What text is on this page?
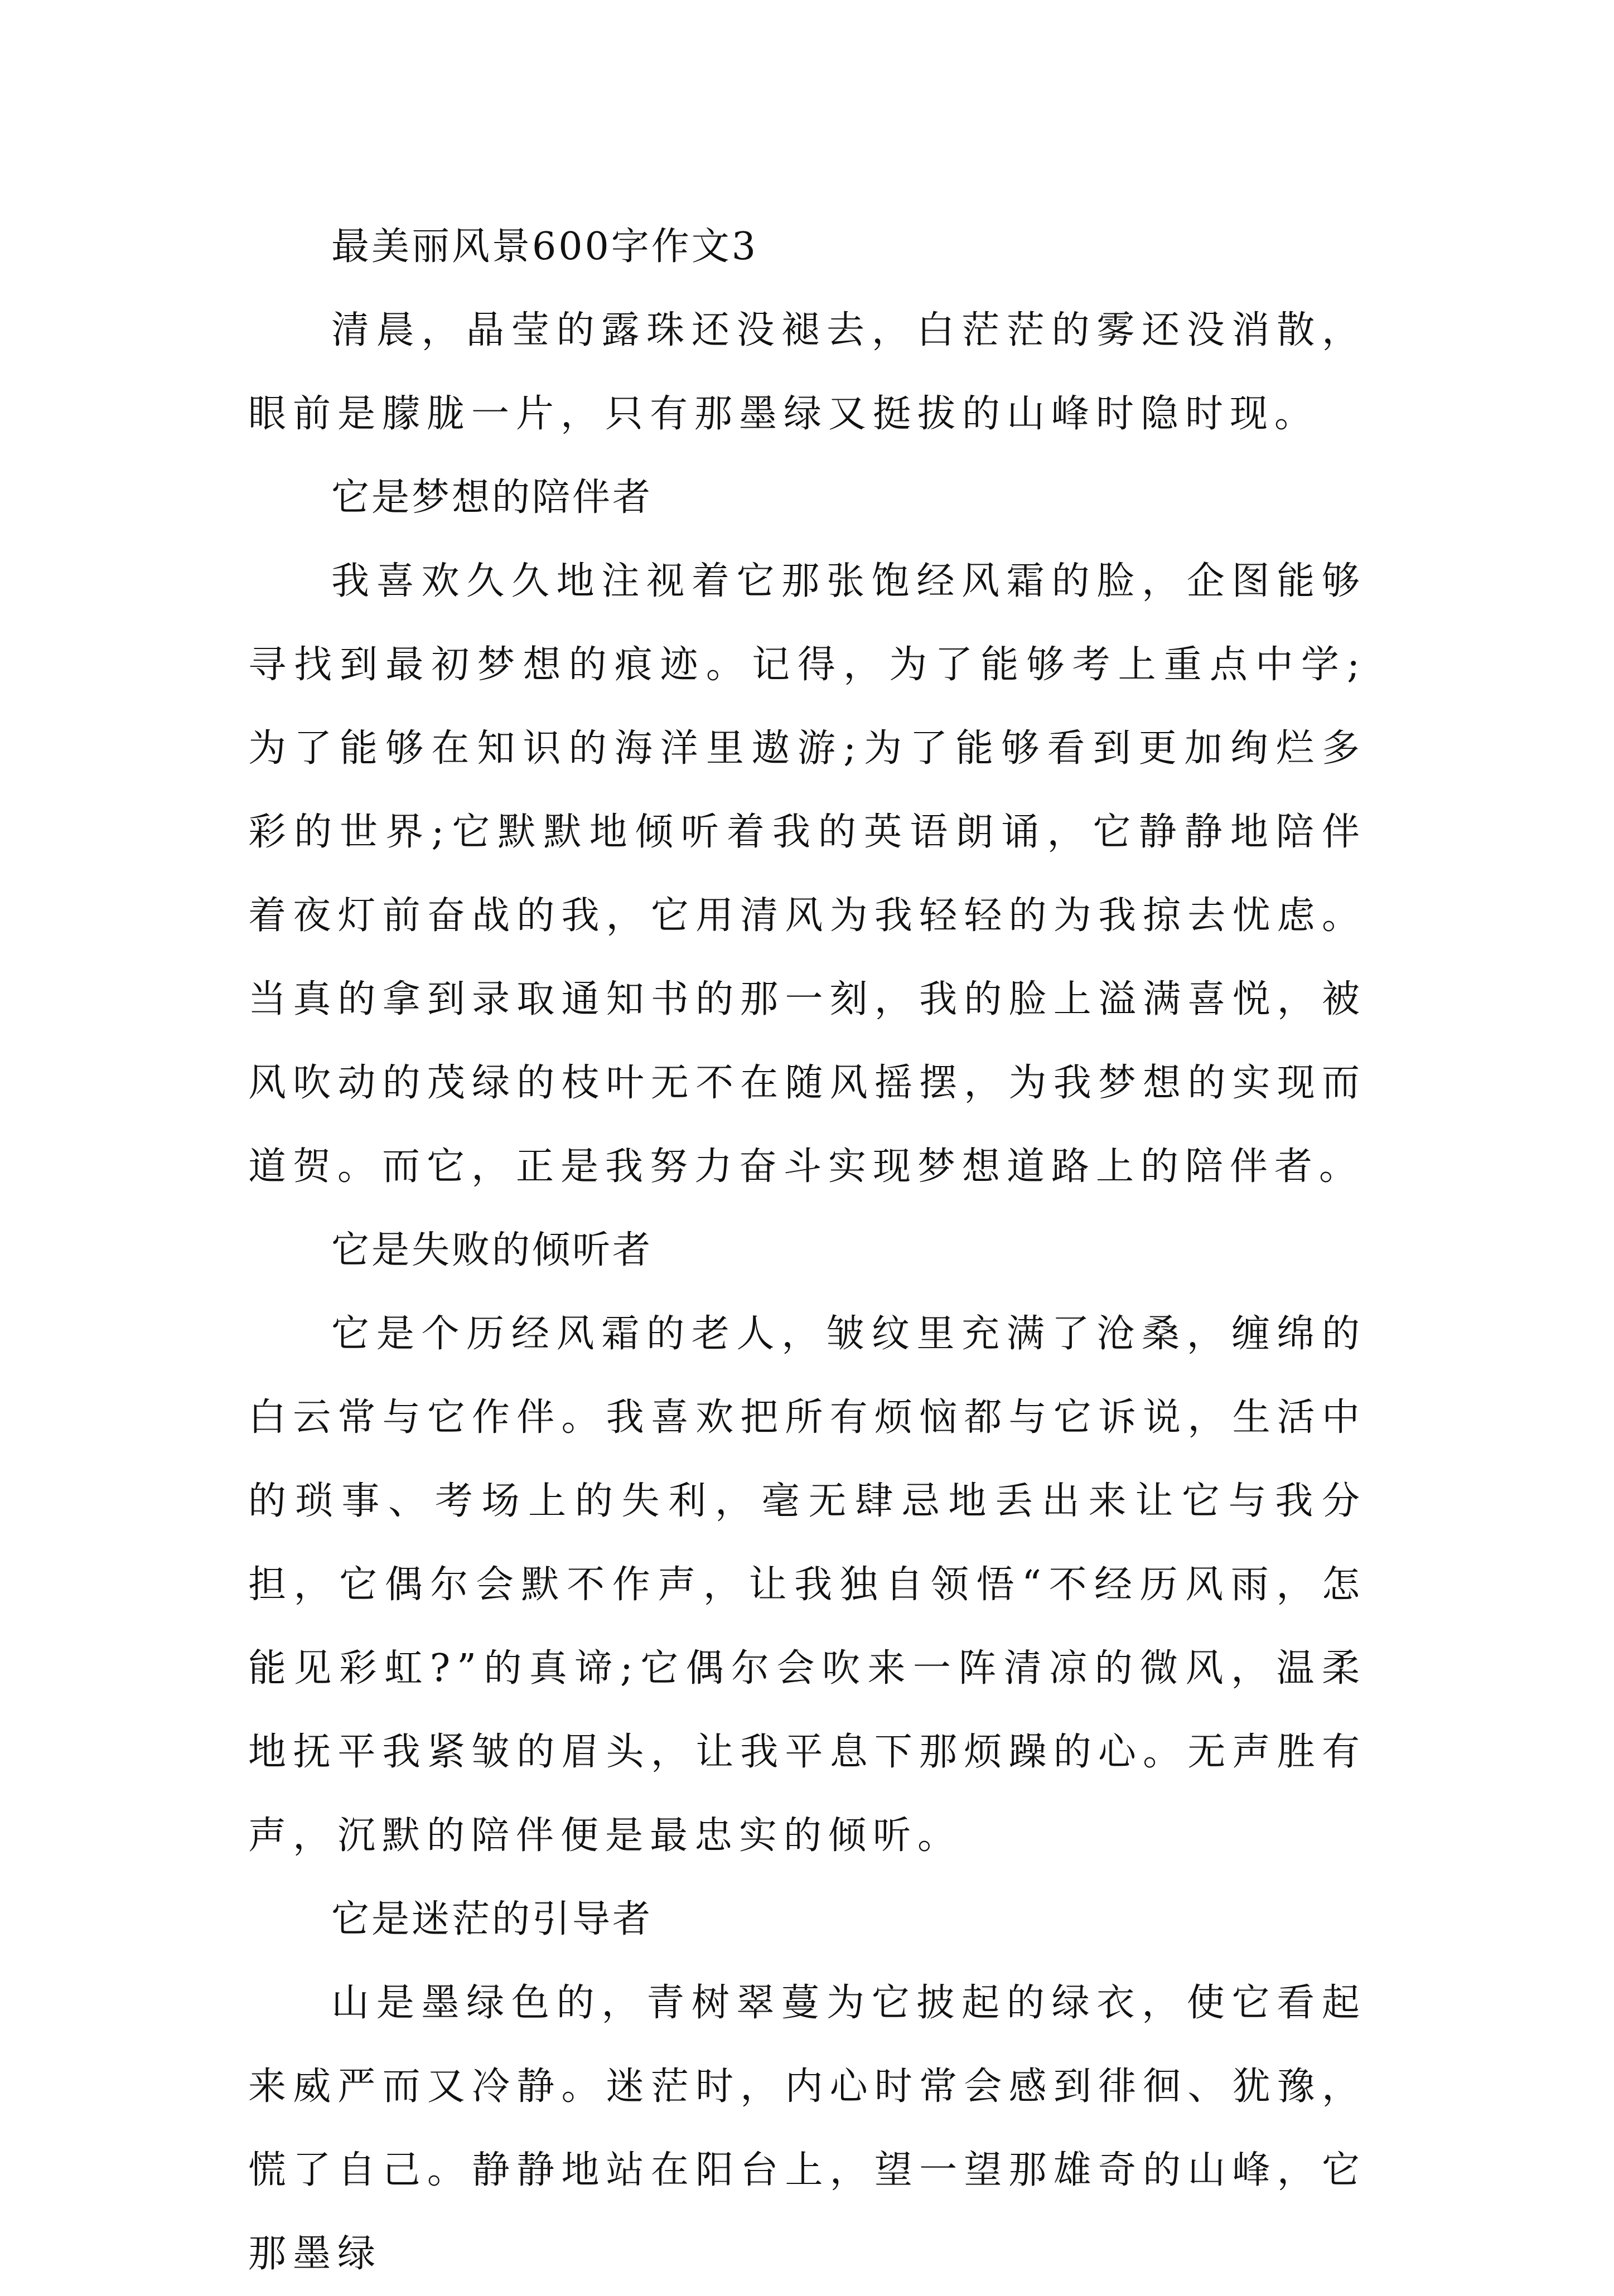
最美丽风景600字作文3

清晨，晶莹的露珠还没褪去，白茫茫的雾还没消散，眼前是朦胧一片，只有那墨绿又挺拔的山峰时隐时现。

它是梦想的陪伴者

我喜欢久久地注视着它那张饱经风霜的脸，企图能够寻找到最初梦想的痕迹。记得，为了能够考上重点中学;为了能够在知识的海洋里遨游;为了能够看到更加绚烂多彩的世界;它默默地倾听着我的英语朗诵，它静静地陪伴着夜灯前奋战的我，它用清风为我轻轻的为我掠去忧虑。当真的拿到录取通知书的那一刻，我的脸上溢满喜悦，被风吹动的茂绿的枝叶无不在随风摇摆，为我梦想的实现而道贺。而它，正是我努力奋斗实现梦想道路上的陪伴者。

它是失败的倾听者

它是个历经风霜的老人，皱纹里充满了沧桑，缠绵的白云常与它作伴。我喜欢把所有烦恼都与它诉说，生活中的琐事、考场上的失利，毫无肆忌地丢出来让它与我分担，它偶尔会默不作声，让我独自领悟“不经历风雨，怎能见彩虹?”的真谛;它偶尔会吹来一阵清凉的微风，温柔地抚平我紧皱的眉头，让我平息下那烦躁的心。无声胜有声，沉默的陪伴便是最忠实的倾听。

它是迷茫的引导者

山是墨绿色的，青树翠蔓为它披起的绿衣，使它看起来威严而又冷静。迷茫时，内心时常会感到徘徊、犹豫，慌了自己。静静地站在阳台上，望一望那雄奇的山峰，它那墨绿
